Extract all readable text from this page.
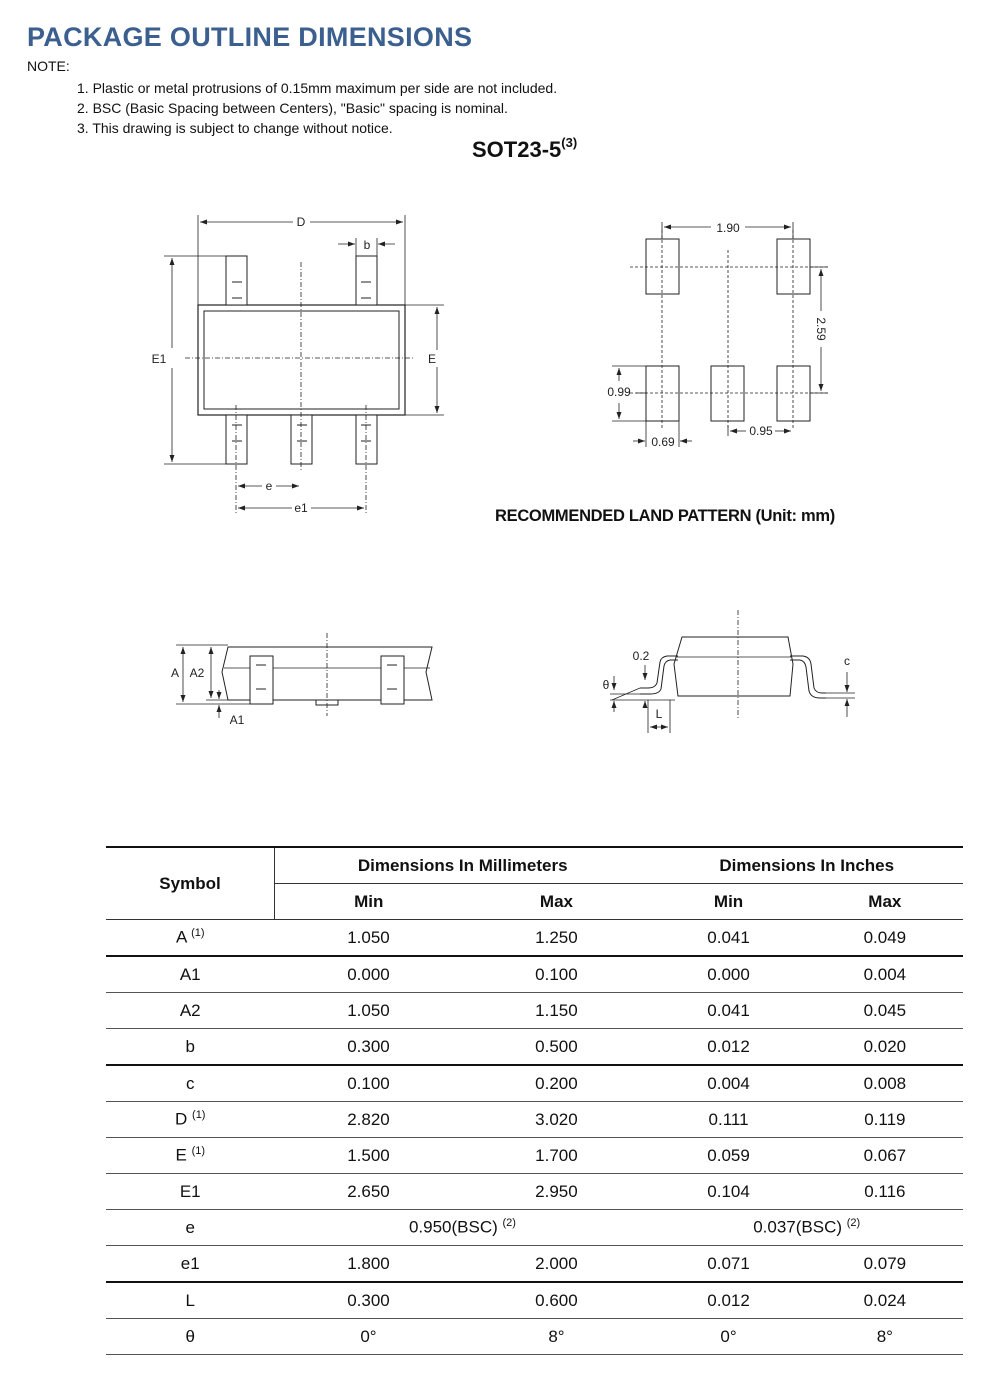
PACKAGE OUTLINE DIMENSIONS
NOTE:
1. Plastic or metal protrusions of 0.15mm maximum per side are not included.
2. BSC (Basic Spacing between Centers), "Basic" spacing is nominal.
3. This drawing is subject to change without notice.
SOT23-5$^{(3)}$
D
b
E1	E
e
e1
1.90
2.59
0.99
0.69
0.95
A A2
A1
0.2
θ
L
c
RECOMMENDED LAND PATTERN (Unit: mm)
Symbol	Dimensions In Millimeters		Dimensions In Inches	
	Min	Max	Min	Max
A $^{(1)}$	1.050	1.250	0.041	0.049
A1	0.000	0.100	0.000	0.004
A2	1.050	1.150	0.041	0.045
b	0.300	0.500	0.012	0.020
c	0.100	0.200	0.004	0.008
D $^{(1)}$	2.820	3.020	0.111	0.119
E $^{(1)}$	1.500	1.700	0.059	0.067
E1	2.650	2.950	0.104	0.116
e	0.950(BSC) $^{(2)}$		0.037(BSC) $^{(2)}$
e1	1.800	2.000	0.071	0.079
L	0.300	0.600	0.012	0.024
θ	0°	8°	0°	8°
